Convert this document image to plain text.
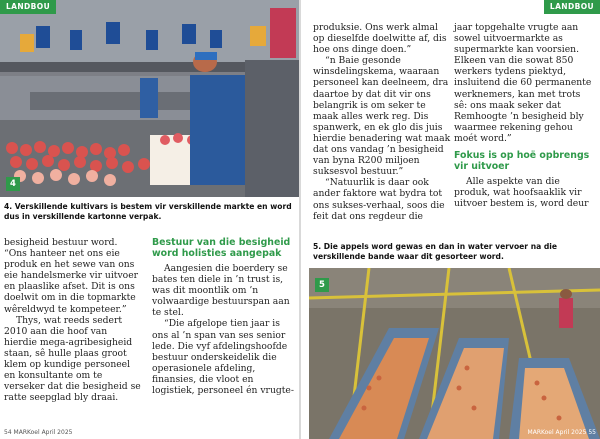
LANDBOU
4
4. Verskillende kultivars is bestem vir verskillende markte en word dus in verskillende kartonne verpak.

besigheid bestuur word. “Ons hanteer net ons eie produk en het sewe van ons eie handelsmerke vir uitvoer en plaaslike afset. Dit is ons doelwit om in die topmarkte wêreldwyd te kompeteer.”

Thys, wat reeds sedert 2010 aan die hoof van hierdie mega-agribesigheid staan, sê hulle plaas groot klem op kundige personeel en konsultante om te verseker dat die besigheid se ratte seepglad bly draai.

Bestuur van die besigheid word holisties aangepak

Aangesien die boerdery se bates ten diele in ’n trust is, was dit moontlik om ’n volwaardige bestuurspan aan te stel.

“Die afgelope tien jaar is ons al ’n span van ses senior lede. Die vyf afdelingshoofde bestuur onderskeidelik die operasionele afdeling, finansies, die vloot en logistiek, personeel én vrugte-

54 MARKoel April 2025
LANDBOU

produksie. Ons werk almal op dieselfde doelwitte af, dis hoe ons dinge doen.”

“n Baie gesonde winsdelingskema, waaraan personeel kan deelneem, dra daartoe by dat dit vir ons belangrik is om seker te maak alles werk reg. Dis spanwerk, en ek glo dis juis hierdie benadering wat maak dat ons vandag ’n besigheid van byna R200 miljoen suksesvol bestuur.”

“Natuurlik is daar ook ander faktore wat bydra tot ons sukses-verhaal, soos die feit dat ons regdeur die

jaar topgehalte vrugte aan sowel uitvoermarkte as supermarkte kan voorsien. Elkeen van die sowat 850 werkers tydens piektyd, insluitend die 60 permanente werknemers, kan met trots sê: ons maak seker dat Remhoogte ’n besigheid bly waarmee rekening gehou moét word.”

Fokus is op hoë opbrengs vir uitvoer

Alle aspekte van die produk, wat hoofsaaklik vir uitvoer bestem is, word deur

5. Die appels word gewas en dan in water vervoer na die verskillende bande waar dit gesorteer word.
5
MARKoel April 2025 55
